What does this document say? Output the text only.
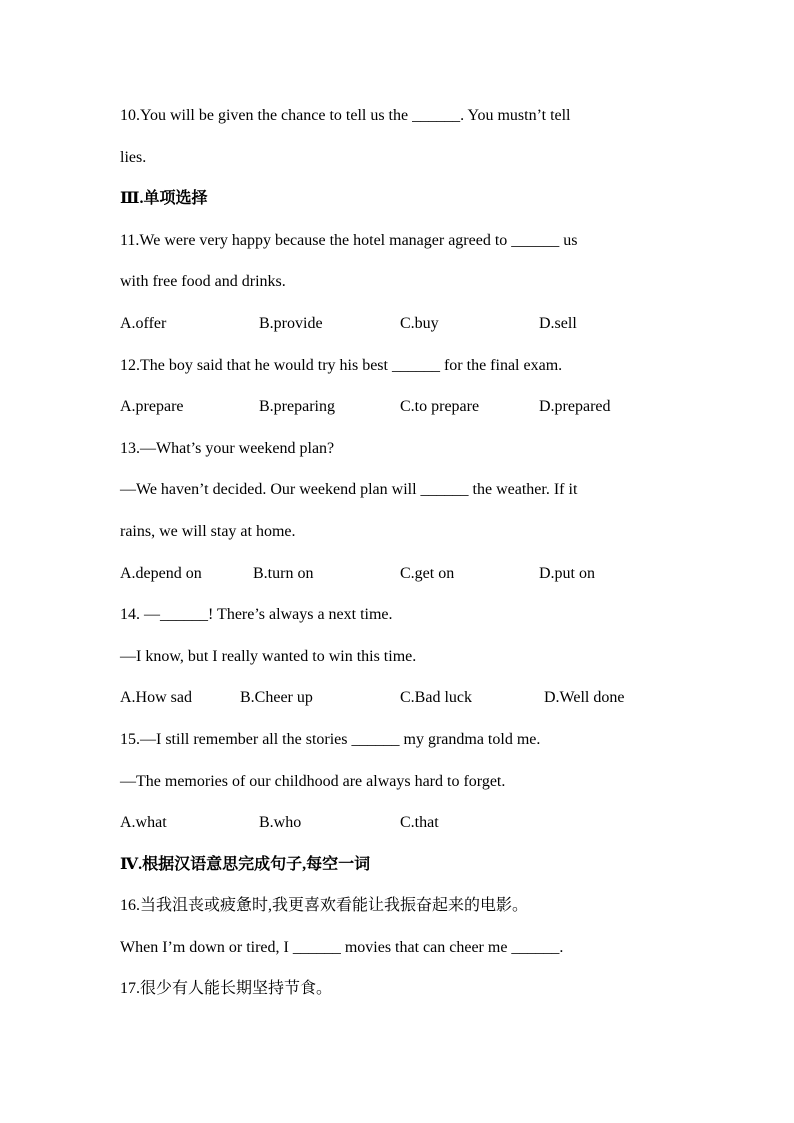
10.You will be given the chance to tell us the ______. You mustn’t tell
lies.
Ⅲ.单项选择
11.We were very happy because the hotel manager agreed to ______ us
with free food and drinks.
A.offer	B.provide	C.buy	D.sell
12.The boy said that he would try his best ______ for the final exam.
A.prepare	B.preparing	C.to prepare	D.prepared
13.—What’s your weekend plan?
—We haven’t decided. Our weekend plan will ______ the weather. If it
rains, we will stay at home.
A.depend on	B.turn on	C.get on	D.put on
14. —______! There’s always a next time.
—I know, but I really wanted to win this time.
A.How sad	B.Cheer up	C.Bad luck	D.Well done
15.—I still remember all the stories ______ my grandma told me.
—The memories of our childhood are always hard to forget.
A.what	B.who	C.that
Ⅳ.根据汉语意思完成句子,每空一词
16.当我沮丧或疲惫时,我更喜欢看能让我振奋起来的电影。
When I’m down or tired, I ______ movies that can cheer me ______.
17.很少有人能长期坚持节食。
